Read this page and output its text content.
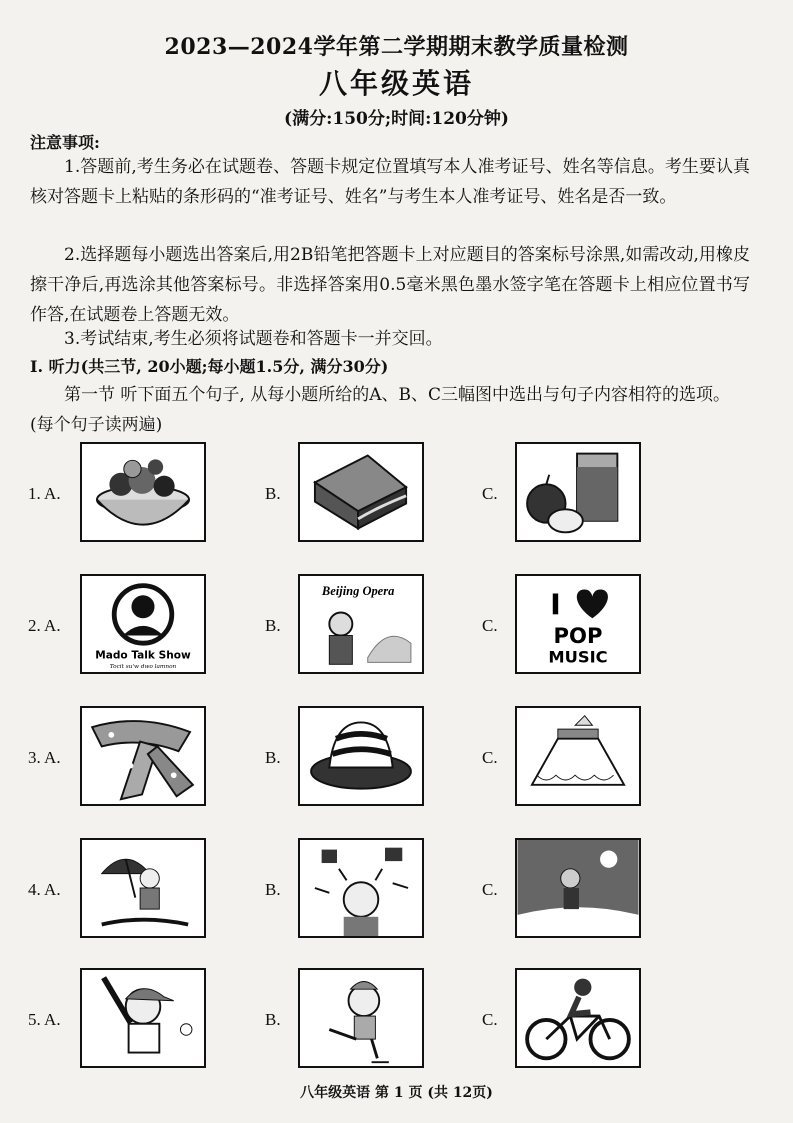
2023—2024学年第二学期期末教学质量检测
八年级英语
(满分:150分;时间:120分钟)
注意事项:
1.答题前,考生务必在试题卷、答题卡规定位置填写本人准考证号、姓名等信息。考生要认真核对答题卡上粘贴的条形码的“准考证号、姓名”与考生本人准考证号、姓名是否一致。
2.选择题每小题选出答案后,用2B铅笔把答题卡上对应题目的答案标号涂黑,如需改动,用橡皮擦干净后,再选涂其他答案标号。非选择答案用0.5毫米黑色墨水签字笔在答题卡上相应位置书写作答,在试题卷上答题无效。
3.考试结束,考生必须将试题卷和答题卡一并交回。
I. 听力(共三节, 20小题;每小题1.5分, 满分30分)
第一节 听下面五个句子, 从每小题所给的A、B、C三幅图中选出与句子内容相符的选项。(每个句子读两遍)
1. A.	B.	C.
2. A.
Mado Talk Show
Tocit su'w dwo lamnon
B.
Beijing Opera
C.
I
POP
MUSIC
3. A.	B.	C.
4. A.	B.	C.
5. A.	B.	C.
八年级英语 第 1 页 (共 12页)
